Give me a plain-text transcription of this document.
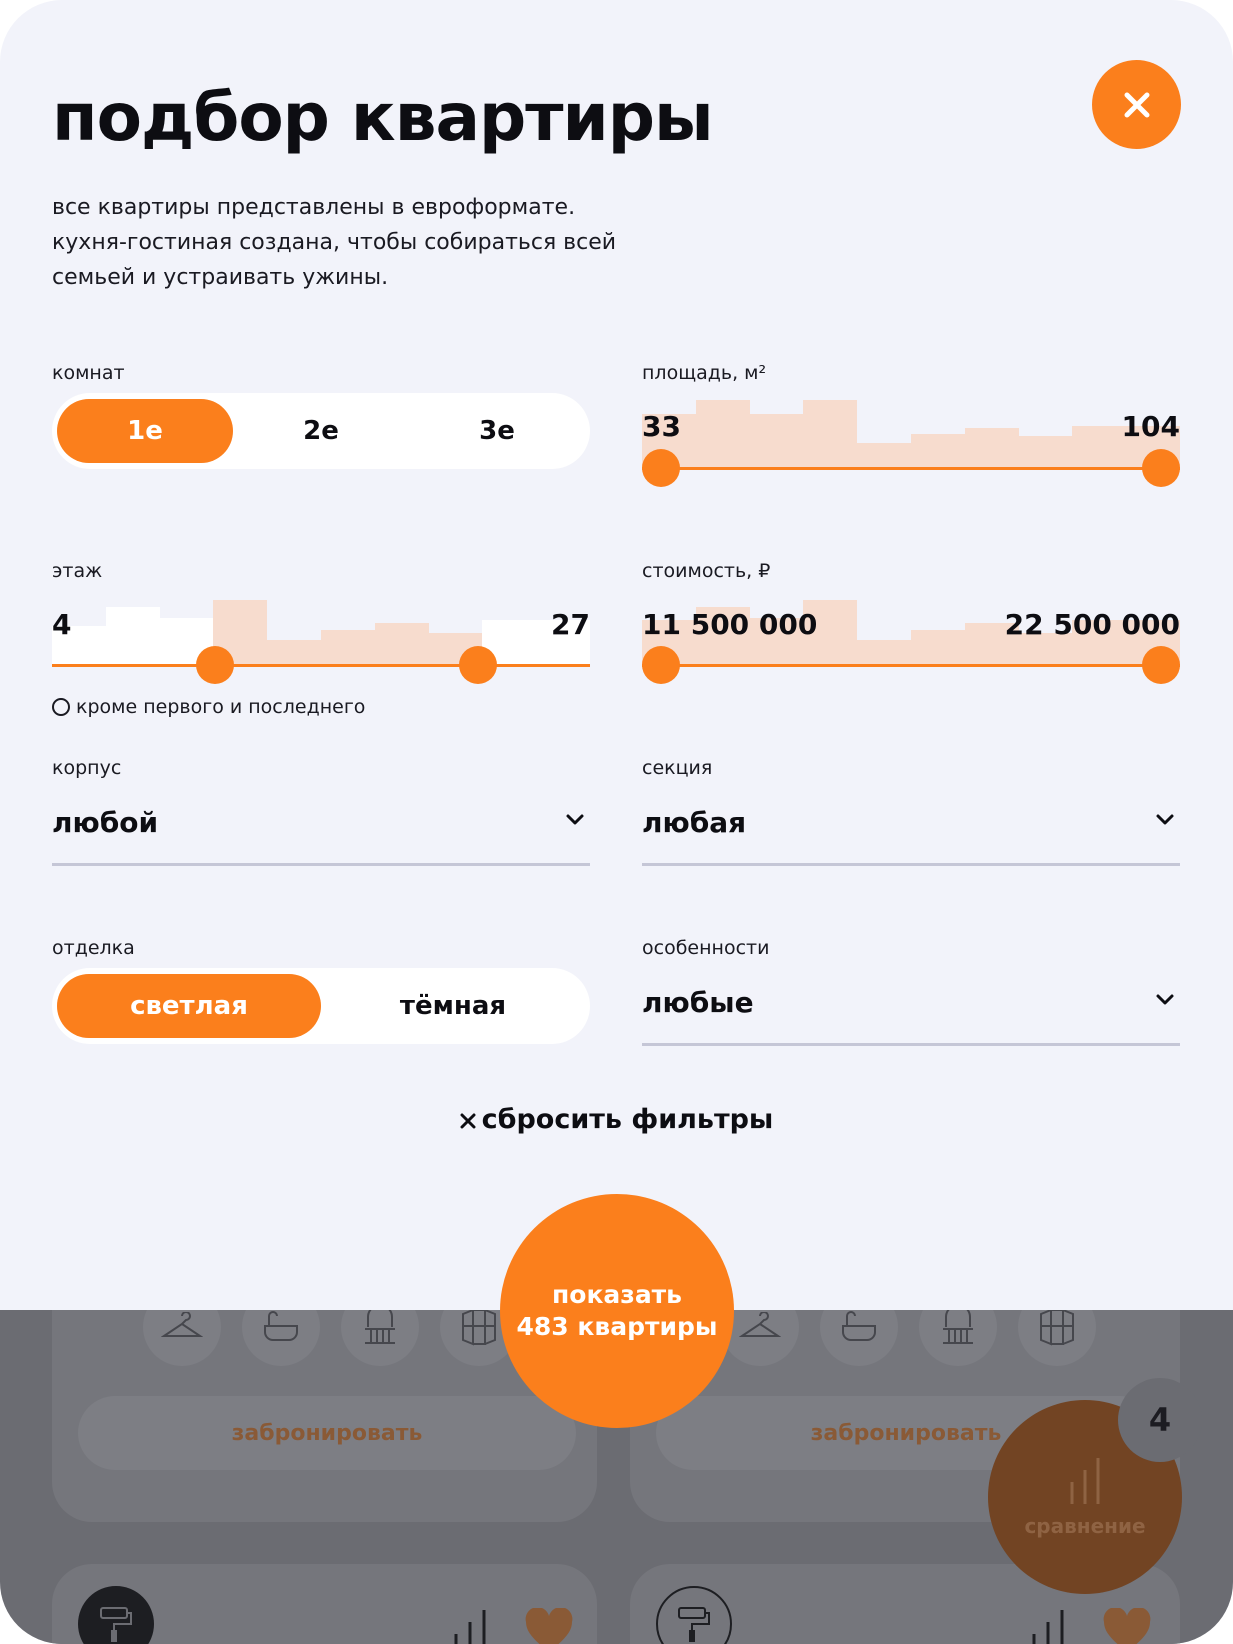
подбор квартиры
все квартиры представлены в евроформате.
кухня-гостиная создана, чтобы собираться всей
семьей и устраивать ужины.
комнат
1е	2е	3е
площадь, м²
33	104
этаж
4	27
кроме первого и последнего
стоимость, ₽
11 500 000	22 500 000
корпус
любой
секция
любая
отделка
светлая	тёмная
особенности
любые
сбросить фильтры
забронировать	забронировать
показать
483 квартиры
сравнение
4
